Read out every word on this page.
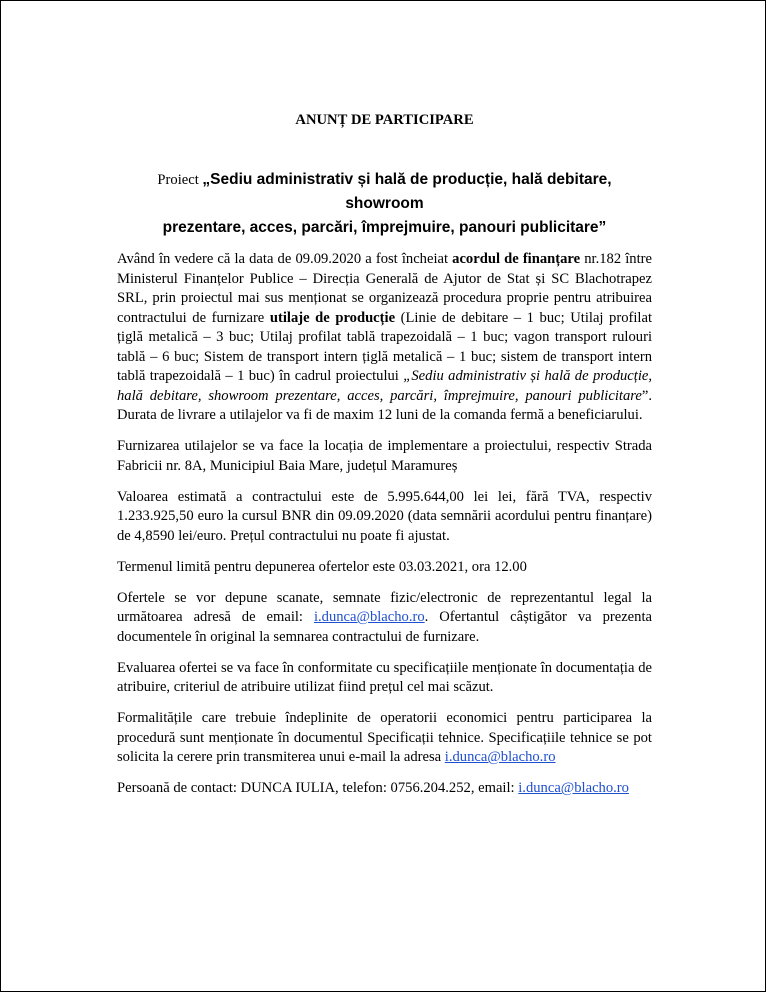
ANUNȚ DE PARTICIPARE
Proiect „Sediu administrativ și hală de producție, hală debitare, showroom
prezentare, acces, parcări, împrejmuire, panouri publicitare”

Având în vedere că la data de 09.09.2020 a fost încheiat acordul de finanțare nr.182 între Ministerul Finanțelor Publice – Direcția Generală de Ajutor de Stat și SC Blachotrapez SRL, prin proiectul mai sus menționat se organizează procedura proprie pentru atribuirea contractului de furnizare utilaje de producție (Linie de debitare – 1 buc; Utilaj profilat țiglă metalică – 3 buc; Utilaj profilat tablă trapezoidală – 1 buc; vagon transport rulouri tablă – 6 buc; Sistem de transport intern țiglă metalică – 1 buc; sistem de transport intern tablă trapezoidală – 1 buc) în cadrul proiectului „Sediu administrativ și hală de producție, hală debitare, showroom prezentare, acces, parcări, împrejmuire, panouri publicitare”. Durata de livrare a utilajelor va fi de maxim 12 luni de la comanda fermă a beneficiarului.

Furnizarea utilajelor se va face la locația de implementare a proiectului, respectiv Strada Fabricii nr. 8A, Municipiul Baia Mare, județul Maramureș

Valoarea estimată a contractului este de 5.995.644,00 lei lei, fără TVA, respectiv 1.233.925,50 euro la cursul BNR din 09.09.2020 (data semnării acordului pentru finanțare) de 4,8590 lei/euro. Prețul contractului nu poate fi ajustat.

Termenul limită pentru depunerea ofertelor este 03.03.2021, ora 12.00

Ofertele se vor depune scanate, semnate fizic/electronic de reprezentantul legal la următoarea adresă de email: i.dunca@blacho.ro. Ofertantul câștigător va prezenta documentele în original la semnarea contractului de furnizare.

Evaluarea ofertei se va face în conformitate cu specificațiile menționate în documentația de atribuire, criteriul de atribuire utilizat fiind prețul cel mai scăzut.

Formalitățile care trebuie îndeplinite de operatorii economici pentru participarea la procedură sunt menționate în documentul Specificații tehnice. Specificațiile tehnice se pot solicita la cerere prin transmiterea unui e-mail la adresa i.dunca@blacho.ro

Persoană de contact: DUNCA IULIA, telefon: 0756.204.252, email: i.dunca@blacho.ro
